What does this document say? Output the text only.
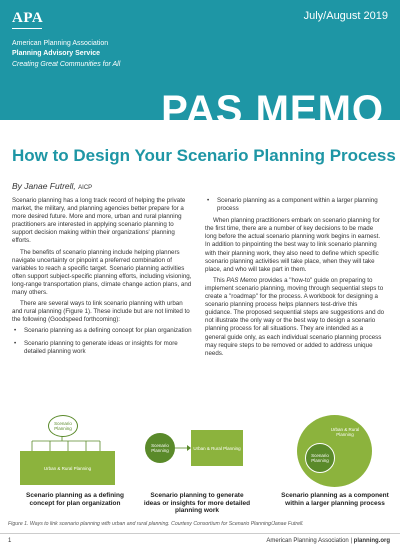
APA	July/August 2019
American Planning Association
Planning Advisory Service
Creating Great Communities for All
PAS MEMO
How to Design Your Scenario Planning Process
By Janae Futrell, AICP

Scenario planning has a long track record of helping the private market, the military, and planning agencies better prepare for a more desired future. More and more, urban and rural planning practitioners are interested in applying scenario planning to support decision making within their organizations' planning efforts.

The benefits of scenario planning include helping planners navigate uncertainty or pinpoint a preferred combination of variables to reach a specific target. Scenario planning activities often support subject-specific planning efforts, including visioning, long-range transportation plans, climate change action plans, and many others.

There are several ways to link scenario planning with urban and rural planning (Figure 1). These include but are not limited to the following (Goodspeed forthcoming):

• Scenario planning as a defining concept for plan organization
• Scenario planning to generate ideas or insights for more detailed planning work
• Scenario planning as a component within a larger planning process

When planning practitioners embark on scenario planning for the first time, there are a number of key decisions to be made long before the actual scenario planning work begins in earnest. In addition to pinpointing the best way to link scenario planning with their planning work, they also need to define which specific scenario planning activities will take place, when they will take place, and who will take part in them.

This PAS Memo provides a "how-to" guide on preparing to implement scenario planning, moving through sequential steps to create a "roadmap" for the process. A workbook for designing a scenario planning process helps planners test-drive this guidance. The proposed sequential steps are suggestions and do not illustrate the only way or the best way to design a scenario planning process for all situations. They are intended as a general guide only, as each individual scenario planning process may require steps to be removed or added to address unique needs.

Scenario Planning
Urban & Rural Planning
Scenario Planning	Urban & Rural Planning
Urban & Rural Planning
Scenario Planning
Scenario planning as a defining concept for plan organization
Scenario planning to generate ideas or insights for more detailed planning work
Scenario planning as a component within a larger planning process
Figure 1. Ways to link scenario planning with urban and rural planning. Courtesy Consortium for Scenario Planning/Janae Futrell.
1	American Planning Association | planning.org
